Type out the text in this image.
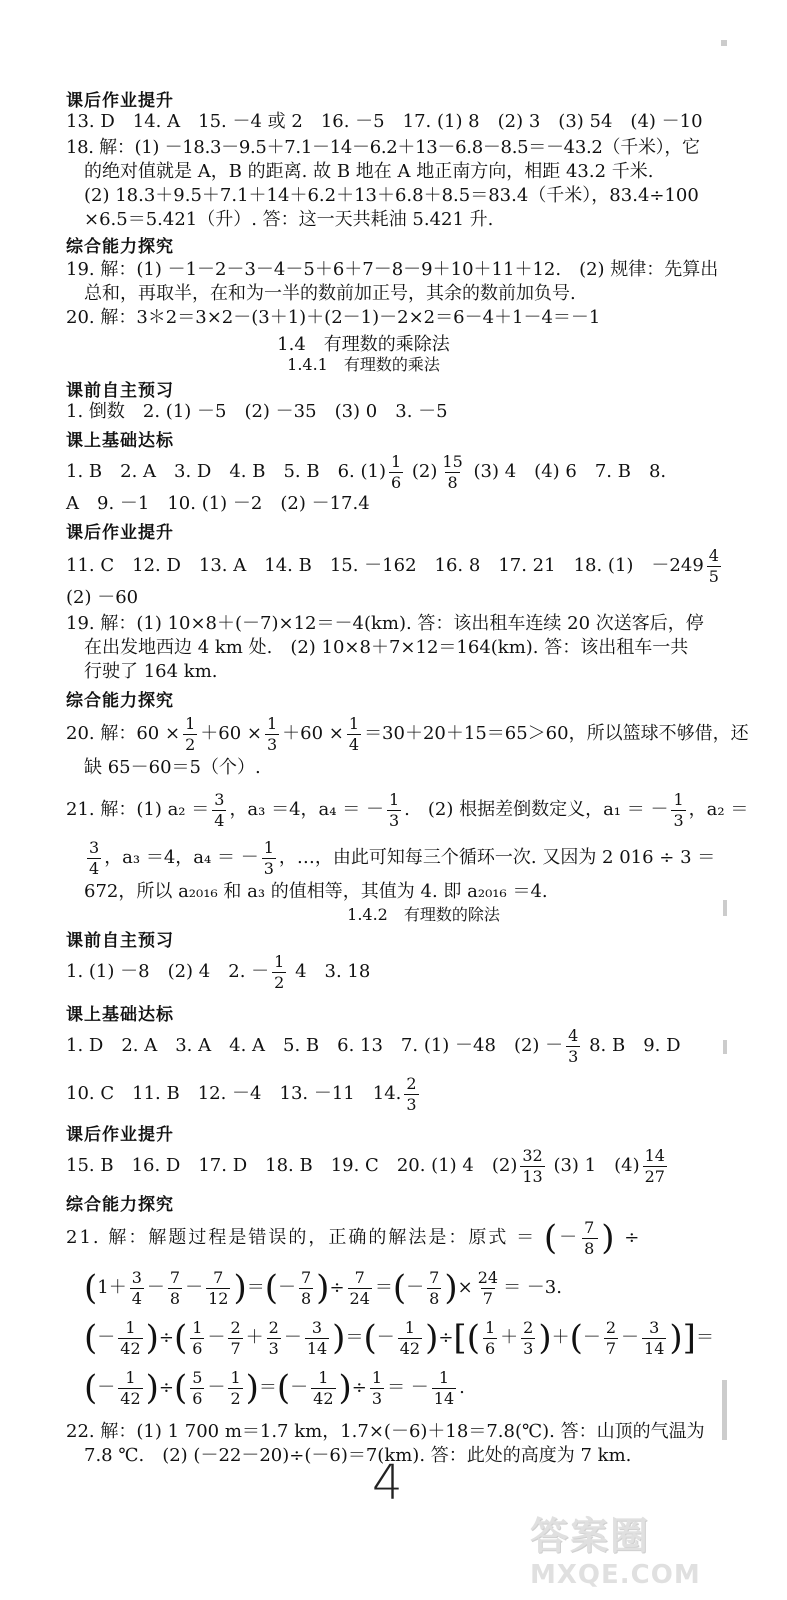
课后作业提升
13. D　14. A　15. －4 或 2　16. －5　17. (1) 8　(2) 3　(3) 54　(4) －10
18. 解：(1) －18.3－9.5＋7.1－14－6.2＋13－6.8－8.5＝－43.2（千米），它
的绝对值就是 A，B 的距离. 故 B 地在 A 地正南方向，相距 43.2 千米.
(2) 18.3＋9.5＋7.1＋14＋6.2＋13＋6.8＋8.5＝83.4（千米），83.4÷100
×6.5＝5.421（升）. 答：这一天共耗油 5.421 升.
综合能力探究
19. 解：(1) －1－2－3－4－5＋6＋7－8－9＋10＋11＋12.　(2) 规律：先算出
总和，再取半，在和为一半的数前加正号，其余的数前加负号.
20. 解：3＊2＝3×2－(3＋1)＋(2－1)－2×2＝6－4＋1－4＝－1
1.4　有理数的乘除法
1.4.1　有理数的乘法
课前自主预习
1. 倒数　2. (1) －5　(2) －35　(3) 0　3. －5
课上基础达标
1. B　2. A　3. D　4. B　5. B　6. $(1) \frac{1}{6} (2) \frac{15}{8} (3)$ 4　(4) 6　7. B　8.
A　9. －1　10. (1) －2　(2) －17.4
课后作业提升
11. C　12. D　13. A　14. B　15. －162　16. 8　17. 21　18. (1)　$-249 \frac{4}{5}$
(2) －60
19. 解：(1) 10×8＋(－7)×12＝－4(km). 答：该出租车连续 20 次送客后，停
在出发地西边 4 km 处.　(2) 10×8＋7×12＝164(km). 答：该出租车一共
行驶了 164 km.
综合能力探究
20. 解：$60 \times \frac{1}{2} +60 \times \frac{1}{3} +60 \times \frac{1}{4} =30+20+15=65>60$，所以篮球不够借，还
缺 65－60＝5（个）.
21. 解：(1) $a_2 = \frac{3}{4}$ ，a₃ ＝4，a₄ ＝ － $\frac{1}{3}$ .　(2) 根据差倒数定义，a₁ ＝ － $\frac{1}{3}$ ，a₂ ＝
$\frac{3}{4}$ ，a₃ ＝4，a₄ ＝ － $\frac{1}{3}$ ，…，由此可知每三个循环一次. 又因为 2 016 ÷ 3 ＝
672，所以 a₂₀₁₆ 和 a₃ 的值相等，其值为 4. 即 a₂₀₁₆ ＝4.
1.4.2　有理数的除法
课前自主预习
1. (1) －8　(2) 4　2. － $\frac{1}{2} 4$　3. 18
课上基础达标
1. D　2. A　3. A　4. A　5. B　6. 13　7. (1) －48　$(2) - \frac{4}{3} 8$. B　9. D
10. C　11. B　12. －4　13. －11　14. $\frac{2}{3}$
课后作业提升
15. B　16. D　17. D　18. B　19. C　20. (1) 4　$(2) \frac{32}{13} (3)$ 1　$(4) \frac{14}{27}$
综合能力探究
21. 解：解题过程是错误的，正确的解法是：原式 ＝ (－ $\frac{7}{8}$ ) ÷
($1+ \frac{3}{4} - \frac{7}{8} - \frac{7}{12}$ )＝(－ $\frac{7}{8}$ )÷ $\frac{7}{24}$ ＝(－ $\frac{7}{8}$ )× $\frac{24}{7} = -3$.
(－ $\frac{1}{42}$ )÷( $\frac{1}{6} - \frac{2}{7} + \frac{2}{3} - \frac{3}{14}$ )＝(－ $\frac{1}{42}$ )÷[( $\frac{1}{6} + \frac{2}{3}$ )＋(－ $\frac{2}{7} - \frac{3}{14}$ )]＝
(－ $\frac{1}{42}$ )÷( $\frac{5}{6} - \frac{1}{2}$ )＝(－ $\frac{1}{42}$ )÷ $\frac{1}{3}$ ＝ － $\frac{1}{14}$ .
22. 解：(1) 1 700 m＝1.7 km，1.7×(－6)＋18＝7.8(℃). 答：山顶的气温为
7.8 ℃.　(2) (－22－20)÷(－6)＝7(km). 答：此处的高度为 7 km.
4
答案圈
MXQE.COM
